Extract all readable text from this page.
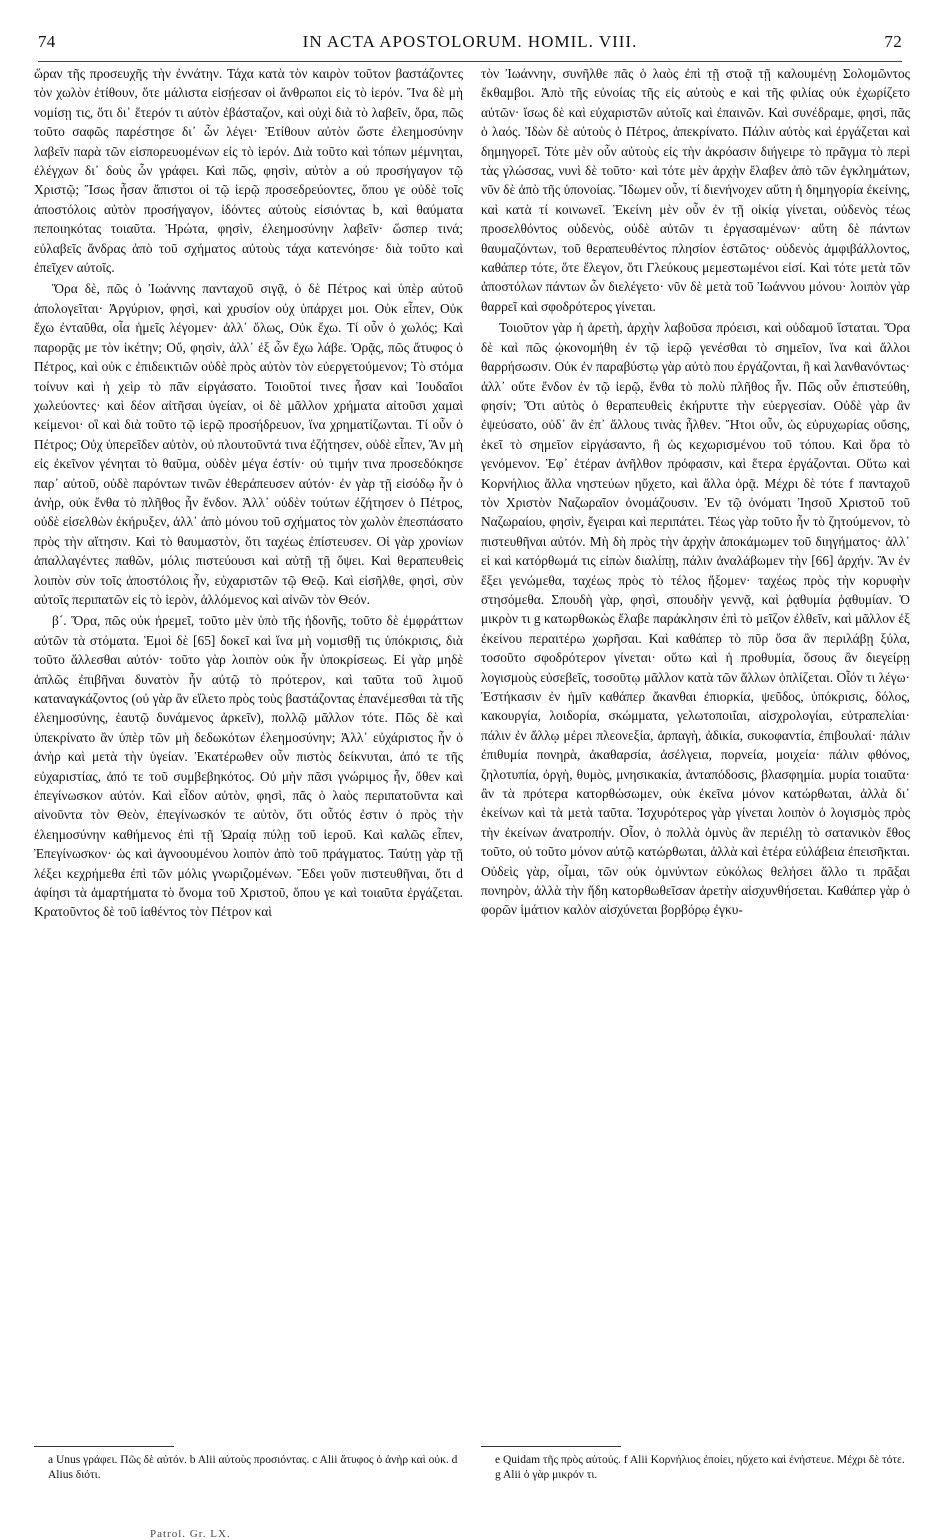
74	IN ACTA APOSTOLORUM. HOMIL. VIII.	72

ὥραν τῆς προσευχῆς τὴν ἐννάτην. Τάχα κατὰ τὸν καιρὸν τοῦτον βαστάζοντες τὸν χωλὸν ἐτίθουν, ὅτε μάλιστα εἰσῄεσαν οἱ ἄνθρωποι εἰς τὸ ἱερόν. Ἵνα δὲ μὴ νομίσῃ τις, ὅτι δι᾿ ἕτερόν τι αὐτὸν ἐβάσταζον, καὶ οὐχὶ διὰ τὸ λαβεῖν, ὅρα, πῶς τοῦτο σαφῶς παρέστησε δι᾿ ὧν λέγει· Ἐτίθουν αὐτὸν ὥστε ἐλεημοσύνην λαβεῖν παρὰ τῶν εἰσπορευομένων εἰς τὸ ἱερόν. Διὰ τοῦτο καὶ τόπων μέμνηται, ἐλέγχων δι᾿ δοὺς ὧν γράφει. Καὶ πῶς, φησὶν, αὐτὸν a οὐ προσήγαγον τῷ Χριστῷ; Ἴσως ἦσαν ἄπιστοι οἱ τῷ ἱερῷ προσεδρεύοντες, ὅπου γε οὐδὲ τοῖς ἀποστόλοις αὐτὸν προσήγαγον, ἰδόντες αὐτοὺς εἰσιόντας b, καὶ θαύματα πεποιηκότας τοιαῦτα. Ἠρώτα, φησὶν, ἐλεημοσύνην λαβεῖν· ὥσπερ τινά; εὐλαβεῖς ἄνδρας ἀπὸ τοῦ σχήματος αὐτοὺς τάχα κατενόησε· διὰ τοῦτο καὶ ἐπεῖχεν αὐτοῖς.

Ὅρα δὲ, πῶς ὁ Ἰωάννης πανταχοῦ σιγᾷ, ὁ δὲ Πέτρος καὶ ὑπὲρ αὐτοῦ ἀπολογεῖται· Ἀργύριον, φησὶ, καὶ χρυσίον οὐχ ὑπάρχει μοι. Οὐκ εἶπεν, Οὐκ ἔχω ἐνταῦθα, οἷα ἡμεῖς λέγομεν· ἀλλ᾿ ὅλως, Οὐκ ἔχω. Τί οὖν ὁ χωλός; Καὶ παρορᾷς με τὸν ἱκέτην; Οὔ, φησὶν, ἀλλ᾿ ἐξ ὧν ἔχω λάβε. Ὁρᾷς, πῶς ἄτυφος ὁ Πέτρος, καὶ οὐκ c ἐπιδεικτιῶν οὐδὲ πρὸς αὐτὸν τὸν εὐεργετούμενον; Τὸ στόμα τοίνυν καὶ ἡ χεὶρ τὸ πᾶν εἰργάσατο. Τοιοῦτοί τινες ἦσαν καὶ Ἰουδαῖοι χωλεύοντες· καὶ δέον αἰτῆσαι ὑγείαν, οἱ δὲ μᾶλλον χρήματα αἰτοῦσι χαμαὶ κείμενοι· οἳ καὶ διὰ τοῦτο τῷ ἱερῷ προσήδρευον, ἵνα χρηματίζωνται. Τί οὖν ὁ Πέτρος; Οὐχ ὑπερεῖδεν αὐτὸν, οὐ πλουτοῦντά τινα ἐζήτησεν, οὐδὲ εἶπεν, Ἂν μὴ εἰς ἐκεῖνον γένηται τὸ θαῦμα, οὐδὲν μέγα ἐστίν· οὐ τιμήν τινα προσεδόκησε παρ᾿ αὐτοῦ, οὐδὲ παρόντων τινῶν ἐθεράπευσεν αὐτόν· ἐν γὰρ τῇ εἰσόδῳ ἦν ὁ ἀνὴρ, οὐκ ἔνθα τὸ πλῆθος ἦν ἔνδον. Ἀλλ᾿ οὐδὲν τούτων ἐζήτησεν ὁ Πέτρος, οὐδὲ εἰσελθὼν ἐκήρυξεν, ἀλλ᾿ ἀπὸ μόνου τοῦ σχήματος τὸν χωλὸν ἐπεσπάσατο πρὸς τὴν αἴτησιν. Καὶ τὸ θαυμαστὸν, ὅτι ταχέως ἐπίστευσεν. Οἱ γὰρ χρονίων ἀπαλλαγέντες παθῶν, μόλις πιστεύουσι καὶ αὐτῇ τῇ ὄψει. Καὶ θεραπευθεὶς λοιπὸν σὺν τοῖς ἀποστόλοις ἦν, εὐχαριστῶν τῷ Θεῷ. Καὶ εἰσῆλθε, φησὶ, σὺν αὐτοῖς περιπατῶν εἰς τὸ ἱερὸν, ἁλλόμενος καὶ αἰνῶν τὸν Θεόν.

β´. Ὅρα, πῶς οὐκ ἠρεμεῖ, τοῦτο μὲν ὑπὸ τῆς ἡδονῆς, τοῦτο δὲ ἐμφράττων αὐτῶν τὰ στόματα. Ἐμοὶ δὲ [65] δοκεῖ καὶ ἵνα μὴ νομισθῇ τις ὑπόκρισις, διὰ τοῦτο ἅλλεσθαι αὐτόν· τοῦτο γὰρ λοιπὸν οὐκ ἦν ὑποκρίσεως. Εἰ γὰρ μηδὲ ἁπλῶς ἐπιβῆναι δυνατὸν ἦν αὐτῷ τὸ πρότερον, καὶ ταῦτα τοῦ λιμοῦ καταναγκάζοντος (οὐ γὰρ ἂν εἵλετο πρὸς τοὺς βαστάζοντας ἐπανέμεσθαι τὰ τῆς ἐλεημοσύνης, ἑαυτῷ δυνάμενος ἀρκεῖν), πολλῷ μᾶλλον τότε. Πῶς δὲ καὶ ὑπεκρίνατο ἂν ὑπὲρ τῶν μὴ δεδωκότων ἐλεημοσύνην; Ἀλλ᾿ εὐχάριστος ἦν ὁ ἀνὴρ καὶ μετὰ τὴν ὑγείαν. Ἑκατέρωθεν οὖν πιστὸς δείκνυται, ἀπό τε τῆς εὐχαριστίας, ἀπό τε τοῦ συμβεβηκότος. Οὐ μὴν πᾶσι γνώριμος ἦν, ὅθεν καὶ ἐπεγίνωσκον αὐτόν. Καὶ εἶδον αὐτὸν, φησὶ, πᾶς ὁ λαὸς περιπατοῦντα καὶ αἰνοῦντα τὸν Θεὸν, ἐπεγίνωσκόν τε αὐτὸν, ὅτι οὗτός ἐστιν ὁ πρὸς τὴν ἐλεημοσύνην καθήμενος ἐπὶ τῇ Ὡραίᾳ πύλῃ τοῦ ἱεροῦ. Καὶ καλῶς εἶπεν, Ἐπεγίνωσκον· ὡς καὶ ἀγνοουμένου λοιπὸν ἀπὸ τοῦ πράγματος. Ταύτῃ γὰρ τῇ λέξει κεχρήμεθα ἐπὶ τῶν μόλις γνωριζομένων. Ἔδει γοῦν πιστευθῆναι, ὅτι d ἀφίησι τὰ ἁμαρτήματα τὸ ὄνομα τοῦ Χριστοῦ, ὅπου γε καὶ τοιαῦτα ἐργάζεται. Κρατοῦντος δὲ τοῦ ἰαθέντος τὸν Πέτρον καὶ

τὸν Ἰωάννην, συνῆλθε πᾶς ὁ λαὸς ἐπὶ τῇ στοᾷ τῇ καλουμένῃ Σολομῶντος ἔκθαμβοι. Ἀπὸ τῆς εὐνοίας τῆς εἰς αὐτοὺς e καὶ τῆς φιλίας οὐκ ἐχωρίζετο αὐτῶν· ἴσως δὲ καὶ εὐχαριστῶν αὐτοῖς καὶ ἐπαινῶν. Καὶ συνέδραμε, φησὶ, πᾶς ὁ λαός. Ἰδὼν δὲ αὐτοὺς ὁ Πέτρος, ἀπεκρίνατο. Πάλιν αὐτὸς καὶ ἐργάζεται καὶ δημηγορεῖ. Τότε μὲν οὖν αὐτοὺς εἰς τὴν ἀκρόασιν διήγειρε τὸ πρᾶγμα τὸ περὶ τὰς γλώσσας, νυνὶ δὲ τοῦτο· καὶ τότε μὲν ἀρχὴν ἔλαβεν ἀπὸ τῶν ἐγκλημάτων, νῦν δὲ ἀπὸ τῆς ὑπονοίας. Ἴδωμεν οὖν, τί διενήνοχεν αὕτη ἡ δημηγορία ἐκείνης, καὶ κατὰ τί κοινωνεῖ. Ἐκείνη μὲν οὖν ἐν τῇ οἰκίᾳ γίνεται, οὐδενὸς τέως προσελθόντος οὐδενὸς, οὐδὲ αὐτῶν τι ἐργασαμένων· αὕτη δὲ πάντων θαυμαζόντων, τοῦ θεραπευθέντος πλησίον ἑστῶτος· οὐδενὸς ἀμφιβάλλοντος, καθάπερ τότε, ὅτε ἔλεγον, ὅτι Γλεύκους μεμεστωμένοι εἰσί. Καὶ τότε μετὰ τῶν ἀποστόλων πάντων ὧν διελέγετο· νῦν δὲ μετὰ τοῦ Ἰωάννου μόνου· λοιπὸν γὰρ θαρρεῖ καὶ σφοδρότερος γίνεται.

Τοιοῦτον γὰρ ἡ ἀρετὴ, ἀρχὴν λαβοῦσα πρόεισι, καὶ οὐδαμοῦ ἵσταται. Ὅρα δὲ καὶ πῶς ᾠκονομήθη ἐν τῷ ἱερῷ γενέσθαι τὸ σημεῖον, ἵνα καὶ ἄλλοι θαρρήσωσιν. Οὐκ ἐν παραβύστῳ γὰρ αὐτὸ που ἐργάζονται, ἢ καὶ λανθανόντως· ἀλλ᾿ οὔτε ἔνδον ἐν τῷ ἱερῷ, ἔνθα τὸ πολὺ πλῆθος ἦν. Πῶς οὖν ἐπιστεύθη, φησίν; Ὅτι αὐτὸς ὁ θεραπευθεὶς ἐκήρυττε τὴν εὐεργεσίαν. Οὐδὲ γὰρ ἂν ἐψεύσατο, οὐδ᾿ ἂν ἐπ᾿ ἄλλους τινὰς ἦλθεν. Ἤτοι οὖν, ὡς εὐρυχωρίας οὔσης, ἐκεῖ τὸ σημεῖον εἰργάσαντο, ἢ ὡς κεχωρισμένου τοῦ τόπου. Καὶ ὅρα τὸ γενόμενον. Ἐφ᾿ ἑτέραν ἀνῆλθον πρόφασιν, καὶ ἕτερα ἐργάζονται. Οὕτω καὶ Κορνήλιος ἄλλα νηστεύων ηὔχετο, καὶ ἄλλα ὁρᾷ. Μέχρι δὲ τότε f πανταχοῦ τὸν Χριστὸν Ναζωραῖον ὀνομάζουσιν. Ἐν τῷ ὀνόματι Ἰησοῦ Χριστοῦ τοῦ Ναζωραίου, φησὶν, ἔγειραι καὶ περιπάτει. Τέως γὰρ τοῦτο ἦν τὸ ζητούμενον, τὸ πιστευθῆναι αὐτόν. Μὴ δὴ πρὸς τὴν ἀρχὴν ἀποκάμωμεν τοῦ διηγήματος· ἀλλ᾿ εἰ καὶ κατόρθωμά τις εἰπὼν διαλίπῃ, πάλιν ἀναλάβωμεν τὴν [66] ἀρχήν. Ἂν ἐν ἔξει γενώμεθα, ταχέως πρὸς τὸ τέλος ἥξομεν· ταχέως πρὸς τὴν κορυφὴν στησόμεθα. Σπουδὴ γὰρ, φησὶ, σπουδὴν γεννᾷ, καὶ ῥᾳθυμία ῥᾳθυμίαν. Ὁ μικρὸν τι g κατωρθωκὼς ἔλαβε παράκλησιν ἐπὶ τὸ μεῖζον ἐλθεῖν, καὶ μᾶλλον ἐξ ἐκείνου περαιτέρω χωρῆσαι. Καὶ καθάπερ τὸ πῦρ ὅσα ἂν περιλάβῃ ξύλα, τοσοῦτο σφοδρότερον γίνεται· οὕτω καὶ ἡ προθυμία, ὅσους ἂν διεγείρῃ λογισμοὺς εὐσεβεῖς, τοσοῦτῳ μᾶλλον κατὰ τῶν ἄλλων ὁπλίζεται. Οἷόν τι λέγω· Ἑστήκασιν ἐν ἡμῖν καθάπερ ἄκανθαι ἐπιορκία, ψεῦδος, ὑπόκρισις, δόλος, κακουργία, λοιδορία, σκώμματα, γελωτοποιΐαι, αἰσχρολογίαι, εὐτραπελίαι· πάλιν ἐν ἄλλῳ μέρει πλεονεξία, ἁρπαγὴ, ἀδικία, συκοφαντία, ἐπιβουλαί· πάλιν ἐπιθυμία πονηρὰ, ἀκαθαρσία, ἀσέλγεια, πορνεία, μοιχεία· πάλιν φθόνος, ζηλοτυπία, ὀργὴ, θυμὸς, μνησικακία, ἀνταπόδοσις, βλασφημία. μυρία τοιαῦτα· ἂν τὰ πρότερα κατορθώσωμεν, οὐκ ἐκεῖνα μόνον κατώρθωται, ἀλλὰ δι᾿ ἐκείνων καὶ τὰ μετὰ ταῦτα. Ἰσχυρότερος γὰρ γίνεται λοιπὸν ὁ λογισμὸς πρὸς τὴν ἐκείνων ἀνατροπήν. Οἷον, ὁ πολλὰ ὀμνὺς ἂν περιέλῃ τὸ σατανικὸν ἔθος τοῦτο, οὐ τοῦτο μόνον αὐτῷ κατώρθωται, ἀλλὰ καὶ ἑτέρα εὐλάβεια ἐπεισῆκται. Οὐδεὶς γὰρ, οἶμαι, τῶν οὐκ ὀμνύντων εὐκόλως θελήσει ἄλλο τι πρᾶξαι πονηρὸν, ἀλλὰ τὴν ἤδη κατορθωθεῖσαν ἀρετὴν αἰσχυνθήσεται. Καθάπερ γὰρ ὁ φορῶν ἱμάτιον καλὸν αἰσχύνεται βορβόρῳ ἐγκυ-

a Unus γράφει. Πῶς δὲ αὐτόν. b Alii αὐτοὺς προσιόντας. c Alii ἄτυφος ὁ ἀνὴρ καὶ οὐκ. d Alius διότι.

e Quidam τῆς πρὸς αὐτούς. f Alii Κορνήλιος ἐποίει, ηὔχετο καὶ ἐνήστευε. Μέχρι δὲ τότε. g Alii ὁ γὰρ μικρόν τι.

Patrol. Gr. LX.
